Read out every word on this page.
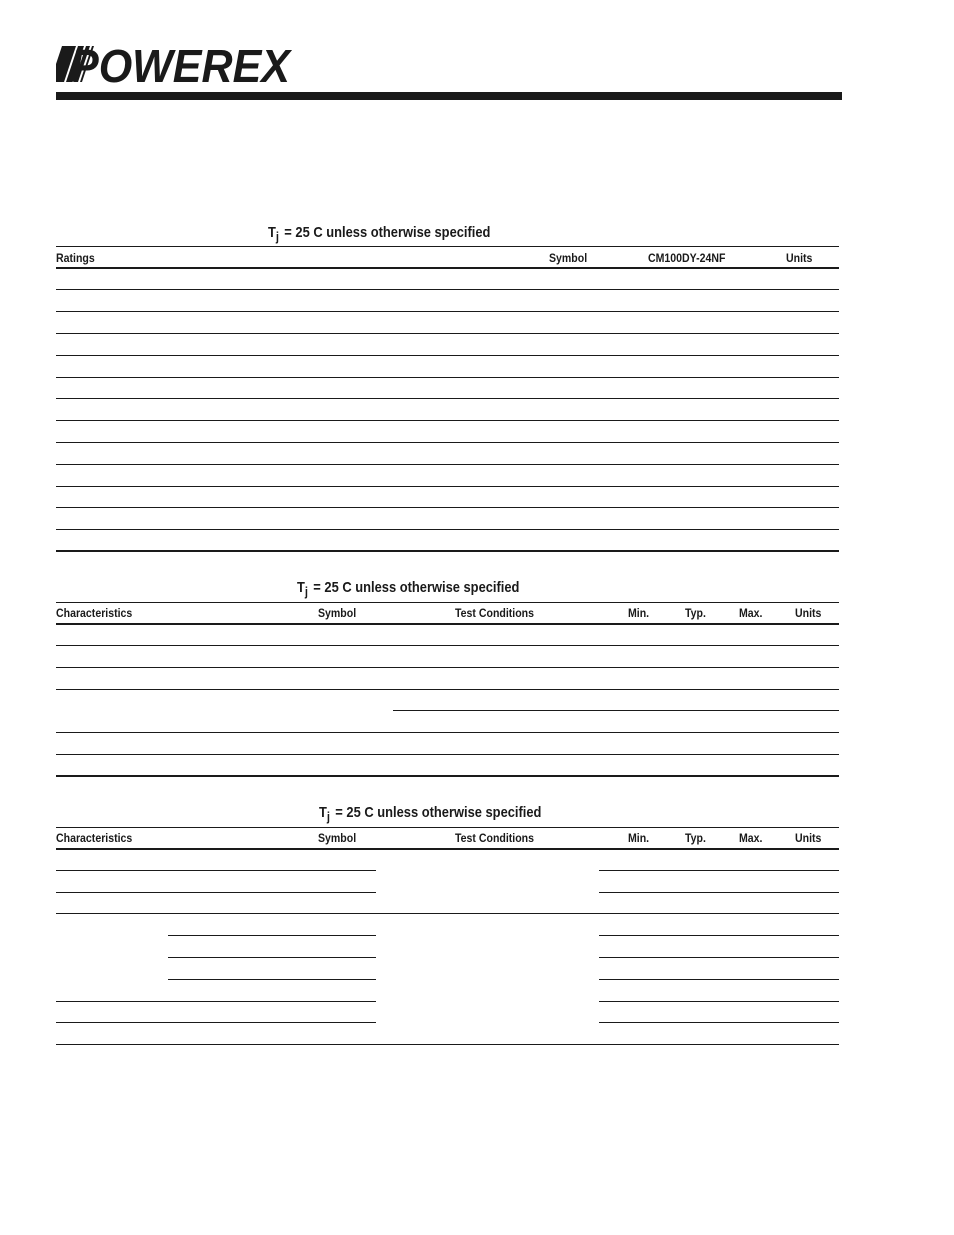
POWEREX
Tj = 25 C unless otherwise specified
Ratings	Symbol	CM100DY-24NF	Units
Tj = 25 C unless otherwise specified
Characteristics	Symbol	Test Conditions	Min.	Typ.	Max.	Units
Tj = 25 C unless otherwise specified
Characteristics	Symbol	Test Conditions	Min.	Typ.	Max.	Units
